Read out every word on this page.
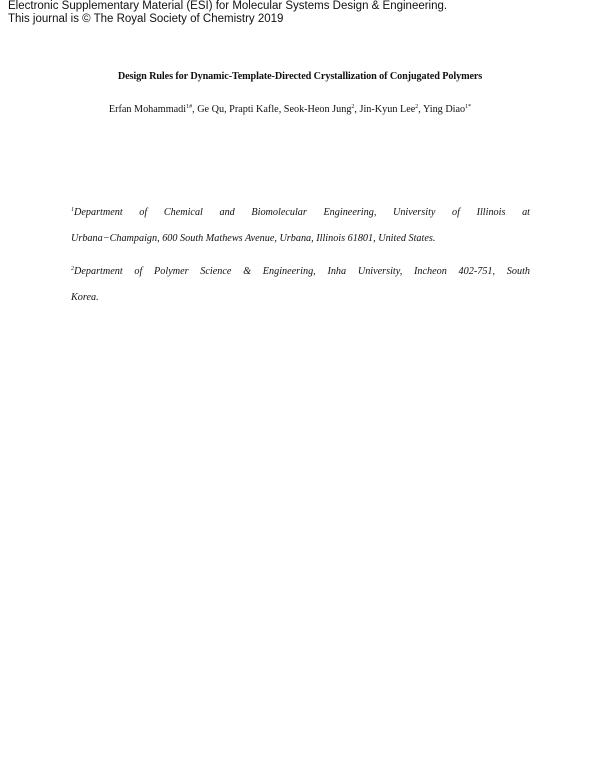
Electronic Supplementary Material (ESI) for Molecular Systems Design & Engineering.
This journal is © The Royal Society of Chemistry 2019
Design Rules for Dynamic-Template-Directed Crystallization of Conjugated Polymers
Erfan Mohammadi$^{1\#}$, Ge Qu, Prapti Kafle, Seok-Heon Jung$^2$, Jin-Kyun Lee$^2$, Ying Diao$^{1*}$
$^1$Department of Chemical and Biomolecular Engineering, University of Illinois at
Urbana−Champaign, 600 South Mathews Avenue, Urbana, Illinois 61801, United States.
$^2$Department of Polymer Science & Engineering, Inha University, Incheon 402-751, South
Korea.
